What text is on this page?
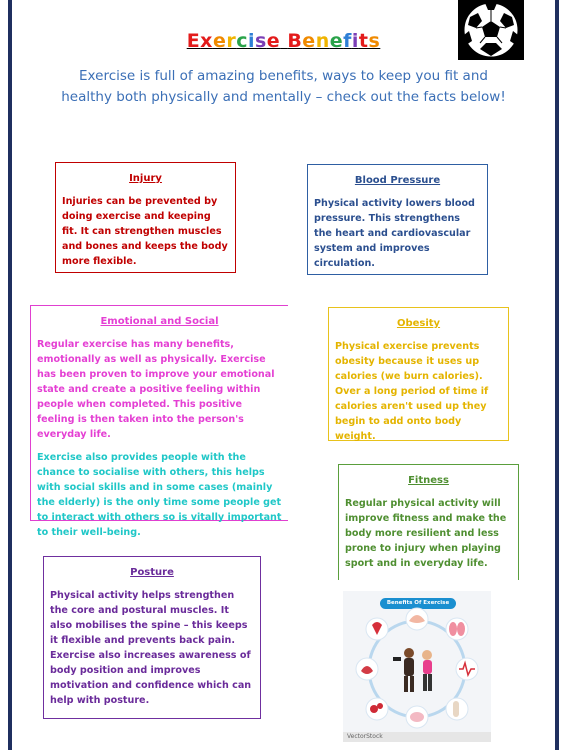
Exercise Benefits
Exercise is full of amazing benefits, ways to keep you fit and healthy both physically and mentally – check out the facts below!
Injury

Injuries can be prevented by doing exercise and keeping fit. It can strengthen muscles and bones and keeps the body more flexible.

Blood Pressure

Physical activity lowers blood pressure. This strengthens the heart and cardiovascular system and improves circulation.

Emotional and Social

Regular exercise has many benefits, emotionally as well as physically. Exercise has been proven to improve your emotional state and create a positive feeling within people when completed. This positive feeling is then taken into the person's everyday life.

Exercise also provides people with the chance to socialise with others, this helps with social skills and in some cases (mainly the elderly) is the only time some people get to interact with others so is vitally important to their well-being.

Obesity

Physical exercise prevents obesity because it uses up calories (we burn calories). Over a long period of time if calories aren't used up they begin to add onto body weight.

Fitness

Regular physical activity will improve fitness and make the body more resilient and less prone to injury when playing sport and in everyday life.

Posture

Physical activity helps strengthen the core and postural muscles. It also mobilises the spine – this keeps it flexible and prevents back pain. Exercise also increases awareness of body position and improves motivation and confidence which can help with posture.

Benefits Of Exercise
VectorStock
